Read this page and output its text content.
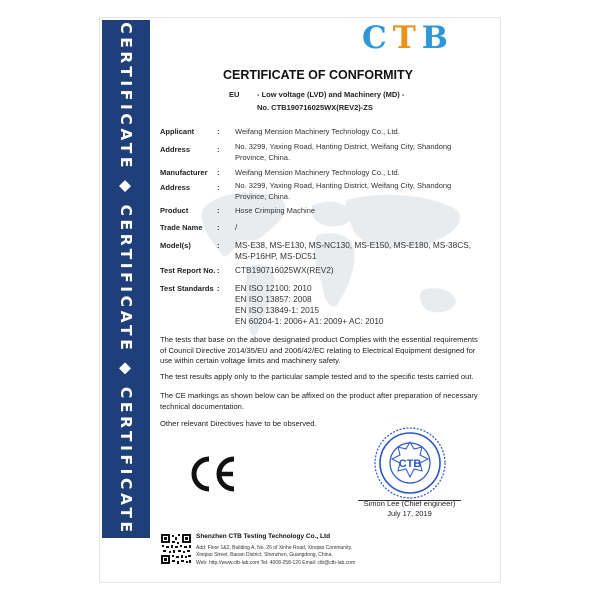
CERTIFICATE ◆ CERTIFICATE ◆ CERTIFICATE	CTB
CERTIFICATE OF CONFORMITY
EU - Low voltage (LVD) and Machinery (MD) -
No. CTB190716025WX(REV2)-ZS
Applicant	: Weifang Mension Machinery Technology Co., Ltd.
Address	: No. 3299, Yaxing Road, Hanting District, Weifang City, Shandong Province, China.
Manufacturer : Weifang Mension Machinery Technology Co., Ltd.
Address	: No. 3299, Yaxing Road, Hanting District, Weifang City, Shandong Province, China.
Product	: Hose Crimping Machine
Trade Name : /
Model(s)	: MS-E38, MS-E130, MS-NC130, MS-E150, MS-E180, MS-38CS, MS-P16HP, MS-DC51
Test Report No. : CTB190716025WX(REV2)
Test Standards : EN ISO 12100: 2010
EN ISO 13857: 2008
EN ISO 13849-1: 2015
EN 60204-1: 2006+ A1: 2009+ AC: 2010
The tests that base on the above designated product Complies with the essential requirements of Council Directive 2014/35/EU and 2006/42/EC relating to Electrical Equipment designed for use within certain voltage limits and machinery safety.
The test results apply only to the particular sample tested and to the specific tests carried out.
The CE markings as shown below can be affixed on the product after preparation of necessary technical documentation.
Other relevant Directives have to be observed.
CTB
Simon Lee (Chief engineer)
July 17, 2019
Shenzhen CTB Testing Technology Co., Ltd
Add: Floor 1&2, Building A, No. 26 of Xinhe Road, Xinqiao Community,
Xinqiao Street, Baoan District, Shenzhen, Guangdong, China.
Web: http://www.ctb-lab.com Tel: 4008-258-120 Email: ctb@ctb-lab.com
